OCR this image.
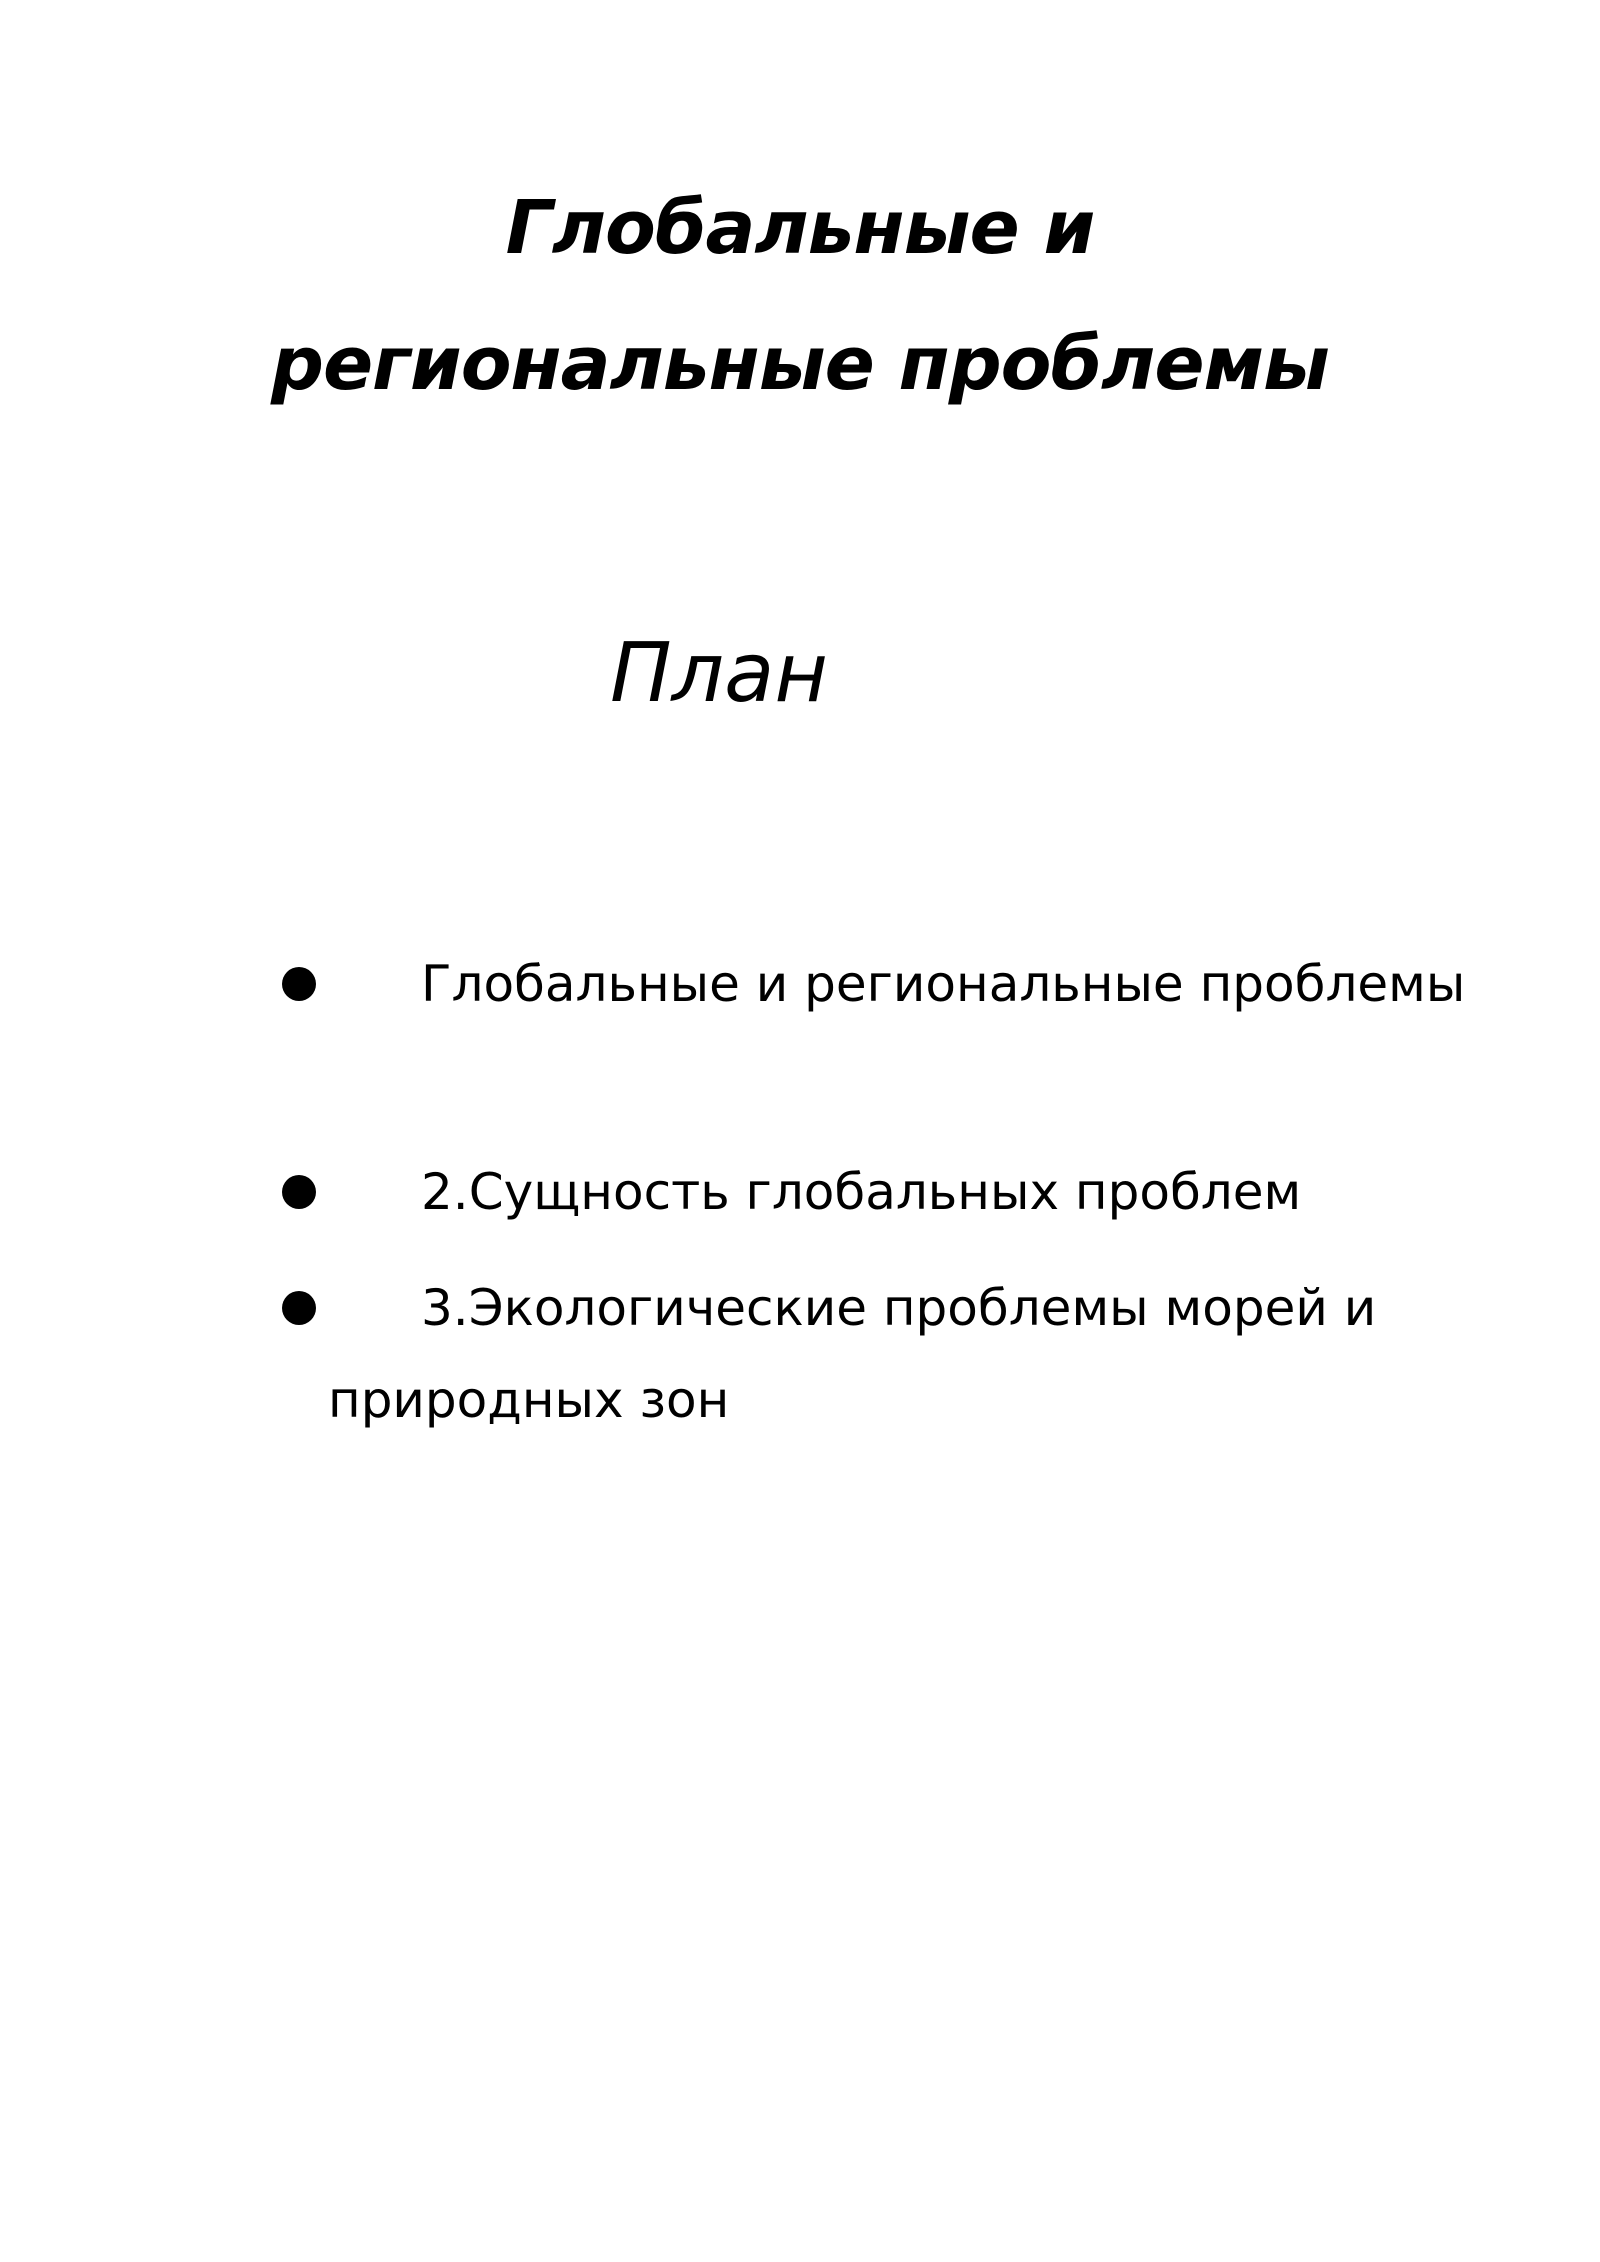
Глобальные и
региональные проблемы
План
Глобальные и региональные проблемы
2.Сущность глобальных проблем
3.Экологические проблемы морей и природных зон
